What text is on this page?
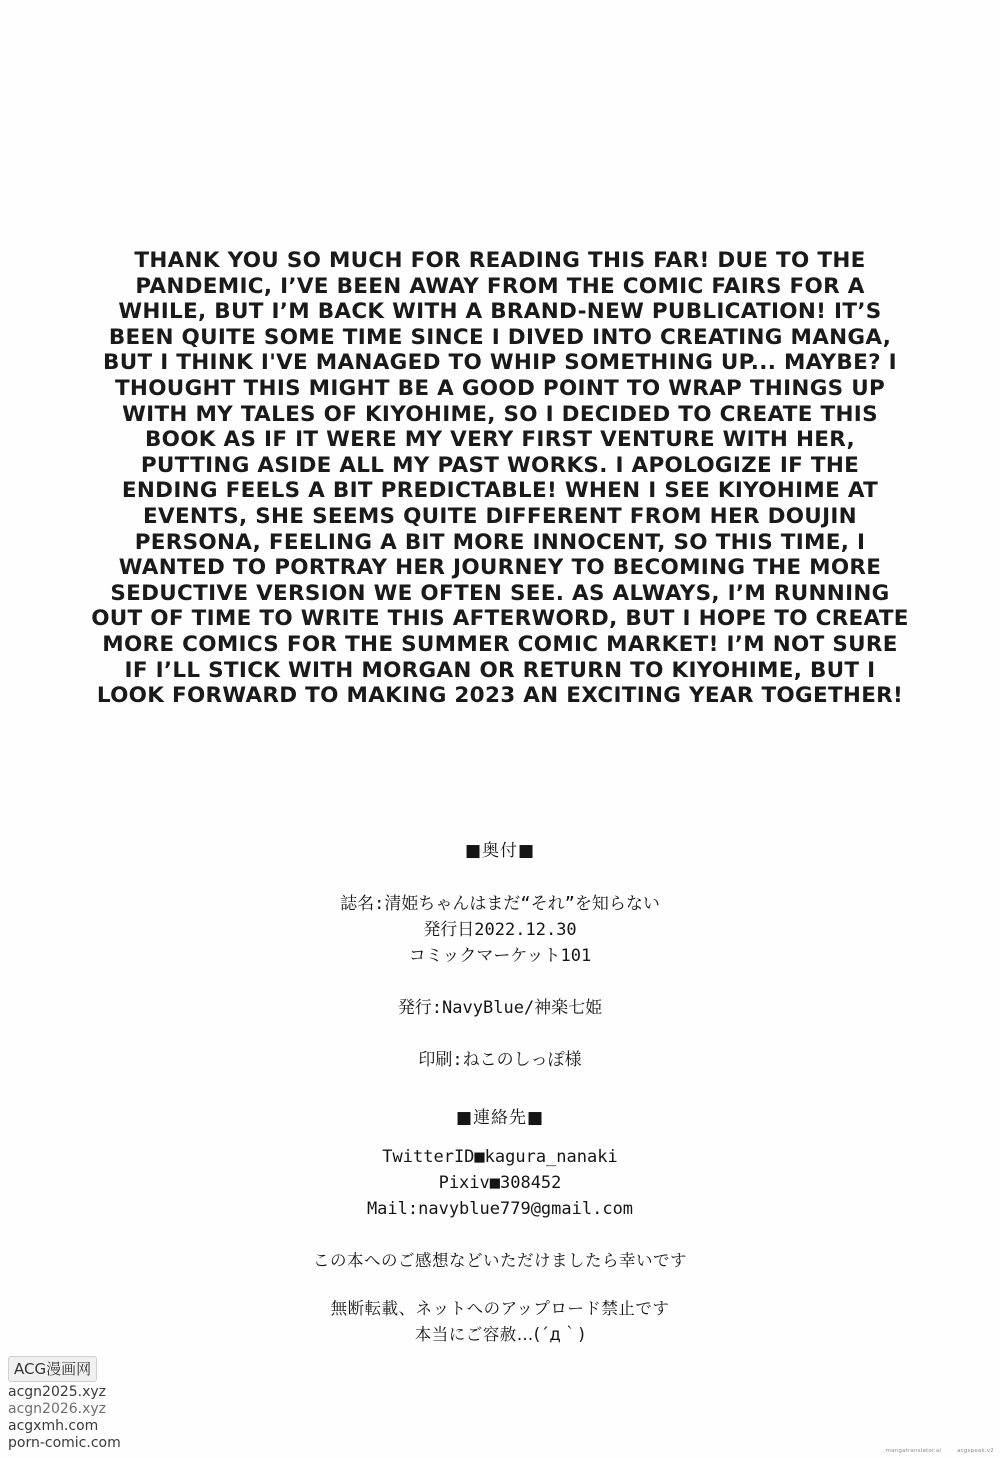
THANK YOU SO MUCH FOR READING THIS FAR! DUE TO THE PANDEMIC, I’VE BEEN AWAY FROM THE COMIC FAIRS FOR A WHILE, BUT I’M BACK WITH A BRAND-NEW PUBLICATION! IT’S BEEN QUITE SOME TIME SINCE I DIVED INTO CREATING MANGA, BUT I THINK I'VE MANAGED TO WHIP SOMETHING UP... MAYBE? I THOUGHT THIS MIGHT BE A GOOD POINT TO WRAP THINGS UP WITH MY TALES OF KIYOHIME, SO I DECIDED TO CREATE THIS BOOK AS IF IT WERE MY VERY FIRST VENTURE WITH HER, PUTTING ASIDE ALL MY PAST WORKS. I APOLOGIZE IF THE ENDING FEELS A BIT PREDICTABLE! WHEN I SEE KIYOHIME AT EVENTS, SHE SEEMS QUITE DIFFERENT FROM HER DOUJIN PERSONA, FEELING A BIT MORE INNOCENT, SO THIS TIME, I WANTED TO PORTRAY HER JOURNEY TO BECOMING THE MORE SEDUCTIVE VERSION WE OFTEN SEE. AS ALWAYS, I’M RUNNING OUT OF TIME TO WRITE THIS AFTERWORD, BUT I HOPE TO CREATE MORE COMICS FOR THE SUMMER COMIC MARKET! I’M NOT SURE IF I’LL STICK WITH MORGAN OR RETURN TO KIYOHIME, BUT I LOOK FORWARD TO MAKING 2023 AN EXCITING YEAR TOGETHER!

■奥付■
誌名:清姫ちゃんはまだ“それ”を知らない
発行日2022.12.30
コミックマーケット101
発行:NavyBlue/神楽七姫
印刷:ねこのしっぽ様
■連絡先■
TwitterID■kagura_nanaki
Pixiv■308452
Mail:navyblue779@gmail.com
この本へのご感想などいただけましたら幸いです
無断転載、ネットへのアップロード禁止です
本当にご容赦…(´д｀)
ACG漫画网
acgn2025.xyz
acgn2026.xyz
acgxmh.com
porn-comic.com	mangatranslator.ai	acgspeak.v2
